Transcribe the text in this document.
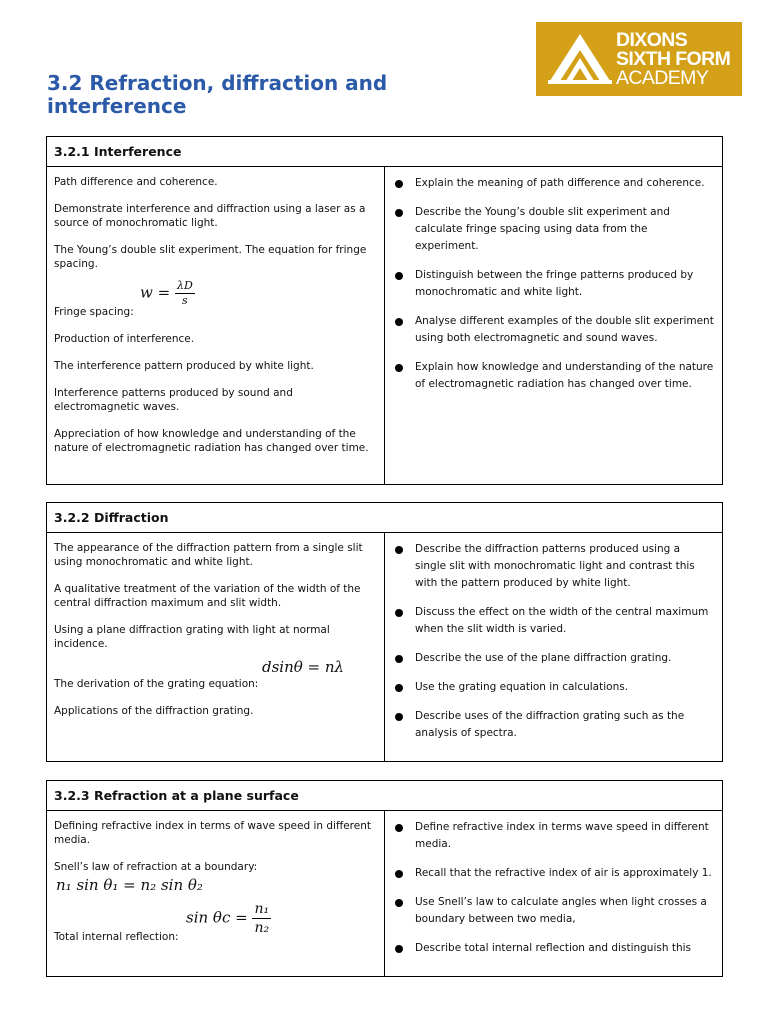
DIXONS
SIXTH FORM
ACADEMY
3.2 Refraction, diffraction and interference
3.2.1 Interference

Path difference and coherence.

Demonstrate interference and diffraction using a laser as a source of monochromatic light.

The Young’s double slit experiment. The equation for fringe spacing.

Fringe spacing:
$w = \frac{\lambda D}{s}$

Production of interference.

The interference pattern produced by white light.

Interference patterns produced by sound and electromagnetic waves.

Appreciation of how knowledge and understanding of the nature of electromagnetic radiation has changed over time.

Explain the meaning of path difference and coherence.
Describe the Young’s double slit experiment and calculate fringe spacing using data from the experiment.
Distinguish between the fringe patterns produced by monochromatic and white light.
Analyse different examples of the double slit experiment using both electromagnetic and sound waves.
Explain how knowledge and understanding of the nature of electromagnetic radiation has changed over time.
3.2.2 Diffraction

The appearance of the diffraction pattern from a single slit using monochromatic and white light.

A qualitative treatment of the variation of the width of the central diffraction maximum and slit width.

Using a plane diffraction grating with light at normal incidence.

The derivation of the grating equation:
dsinθ = nλ

Applications of the diffraction grating.

Describe the diffraction patterns produced using a single slit with monochromatic light and contrast this with the pattern produced by white light.
Discuss the effect on the width of the central maximum when the slit width is varied.
Describe the use of the plane diffraction grating.
Use the grating equation in calculations.
Describe uses of the diffraction grating such as the analysis of spectra.
3.2.3 Refraction at a plane surface

Defining refractive index in terms of wave speed in different media.

Snell’s law of refraction at a boundary:

n₁ sin θ₁ = n₂ sin θ₂
Total internal reflection:
$\sin \theta c = \frac{\text{n₁}}{\text{n₂}}$
Define refractive index in terms wave speed in different media.
Recall that the refractive index of air is approximately 1.
Use Snell’s law to calculate angles when light crosses a boundary between two media,
Describe total internal reflection and distinguish this
